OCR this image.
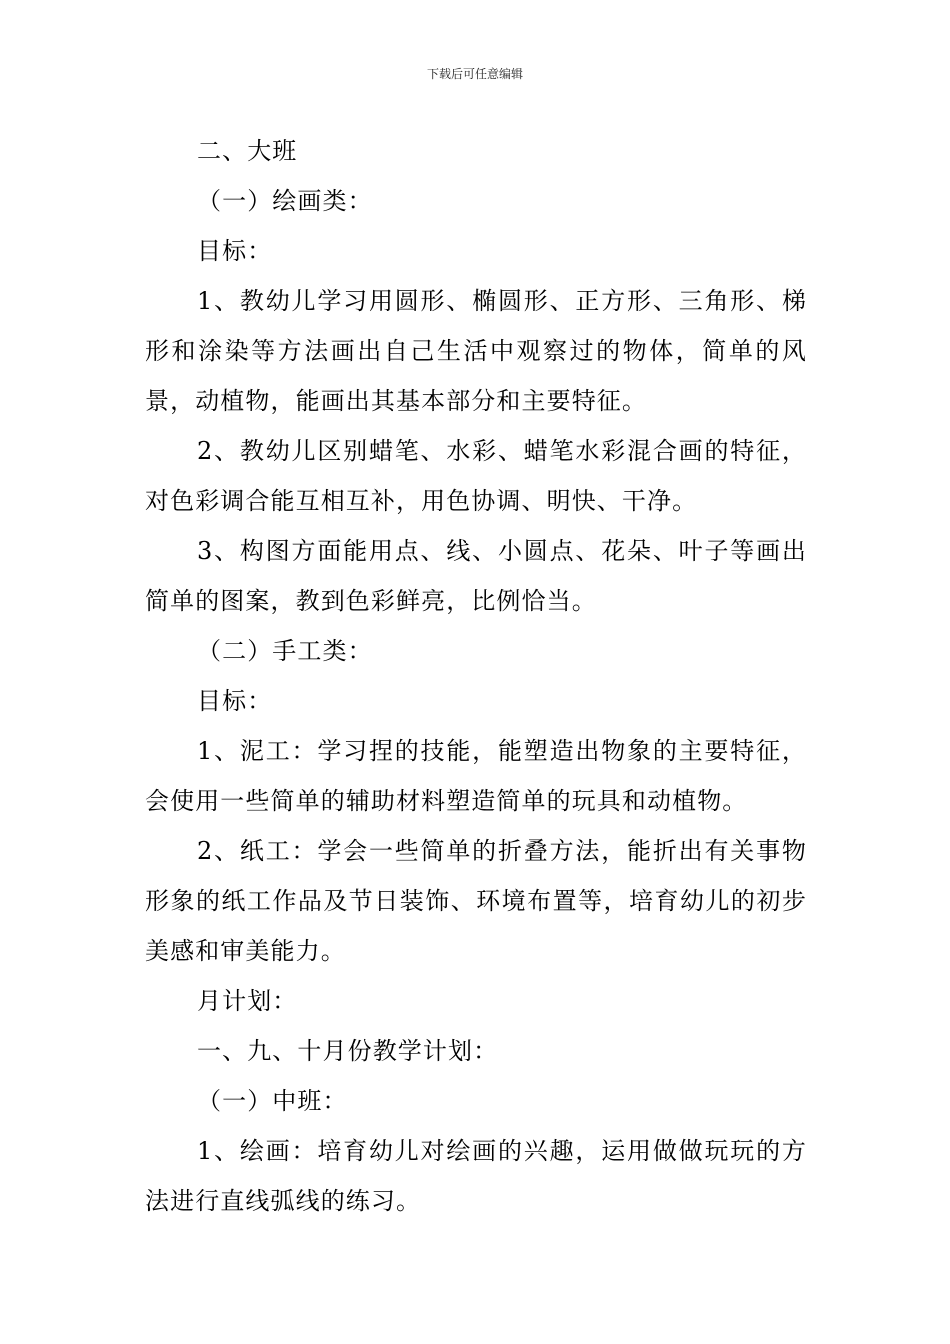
下载后可任意编辑

二、大班

（一）绘画类：

目标：

1、教幼儿学习用圆形、椭圆形、正方形、三角形、梯形和涂染等方法画出自己生活中观察过的物体，简单的风景，动植物，能画出其基本部分和主要特征。

2、教幼儿区别蜡笔、水彩、蜡笔水彩混合画的特征，对色彩调合能互相互补，用色协调、明快、干净。

3、构图方面能用点、线、小圆点、花朵、叶子等画出简单的图案，教到色彩鲜亮，比例恰当。

（二）手工类：

目标：

1、泥工：学习捏的技能，能塑造出物象的主要特征，会使用一些简单的辅助材料塑造简单的玩具和动植物。

2、纸工：学会一些简单的折叠方法，能折出有关事物形象的纸工作品及节日装饰、环境布置等，培育幼儿的初步美感和审美能力。

月计划：

一、九、十月份教学计划：

（一）中班：

1、绘画：培育幼儿对绘画的兴趣，运用做做玩玩的方法进行直线弧线的练习。
